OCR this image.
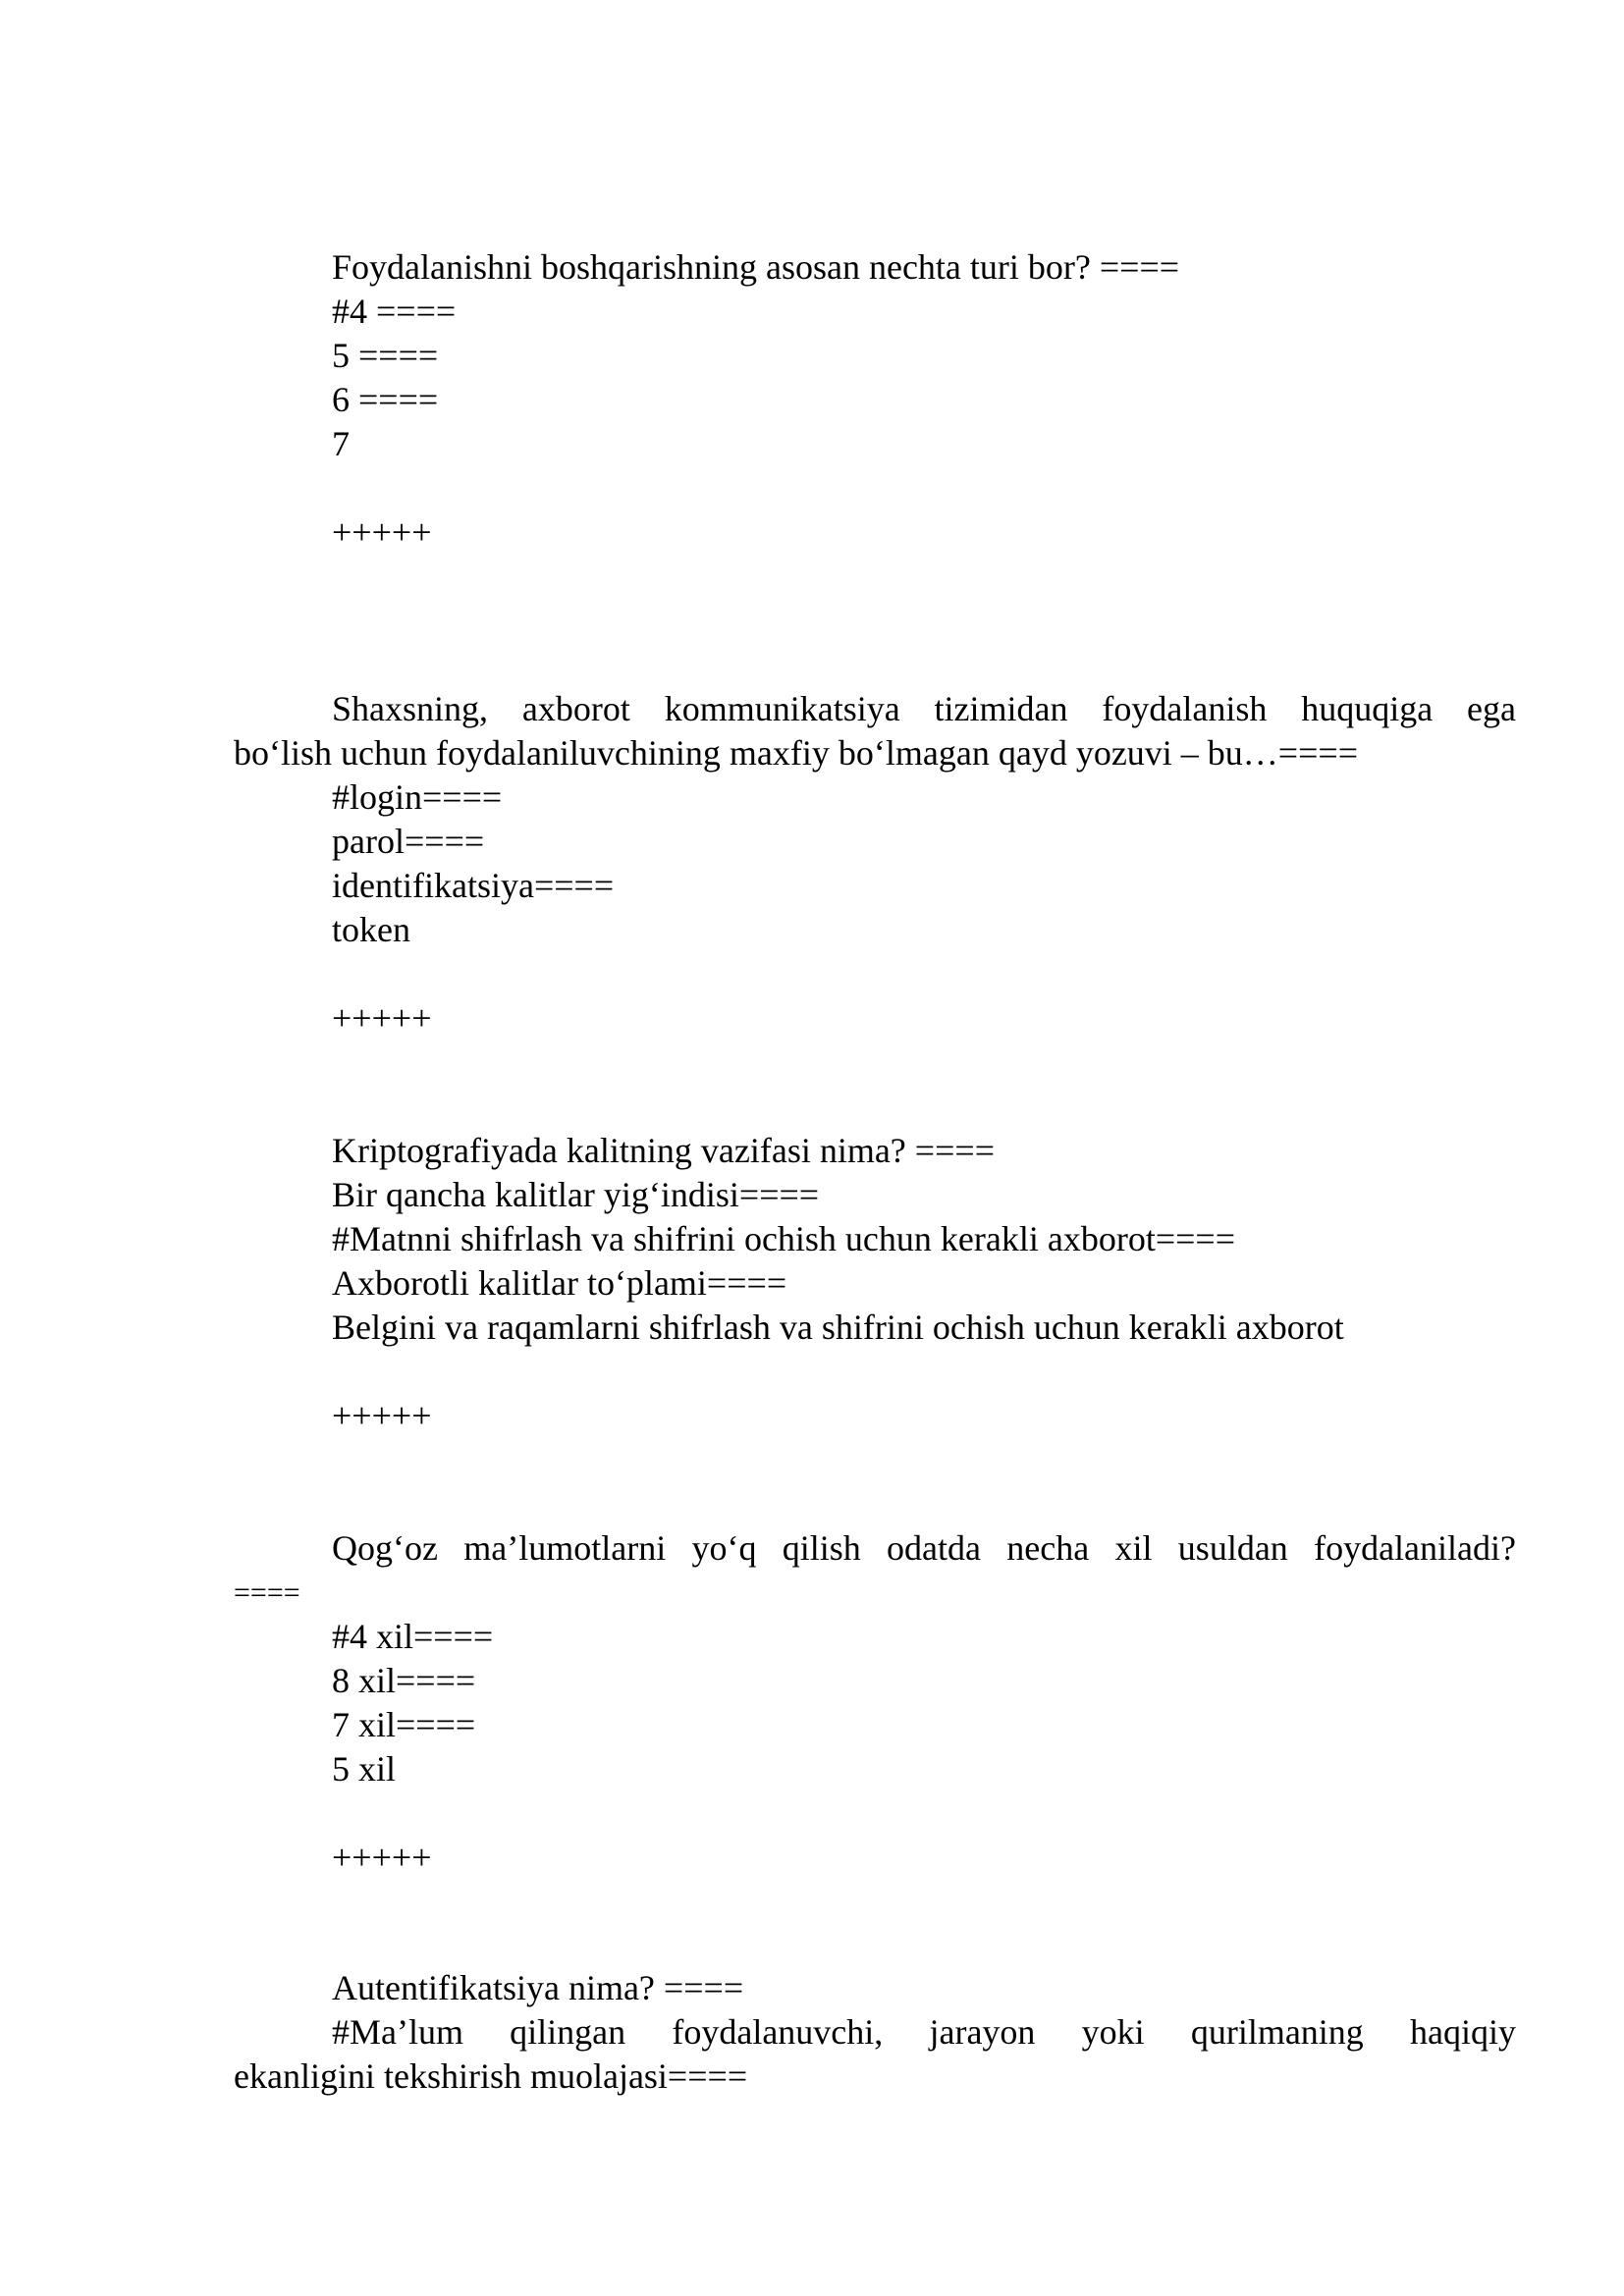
Foydalanishni boshqarishning asosan nechta turi bor? ====
#4 ====
5 ====
6 ====
7
+++++
Shaxsning, axborot kommunikatsiya tizimidan foydalanish huquqiga ega
bo‘lish uchun foydalaniluvchining maxfiy bo‘lmagan qayd yozuvi – bu…====
#login====
parol====
identifikatsiya====
token
+++++
Kriptografiyada kalitning vazifasi nima? ====
Bir qancha kalitlar yig‘indisi====
#Matnni shifrlash va shifrini ochish uchun kerakli axborot====
Axborotli kalitlar to‘plami====
Belgini va raqamlarni shifrlash va shifrini ochish uchun kerakli axborot
+++++
Qog‘oz ma’lumotlarni yo‘q qilish odatda necha xil usuldan foydalaniladi?
====
#4 xil====
8 xil====
7 xil====
5 xil
+++++
Autentifikatsiya nima? ====
#Ma’lum qilingan foydalanuvchi, jarayon yoki qurilmaning haqiqiy
ekanligini tekshirish muolajasi====
